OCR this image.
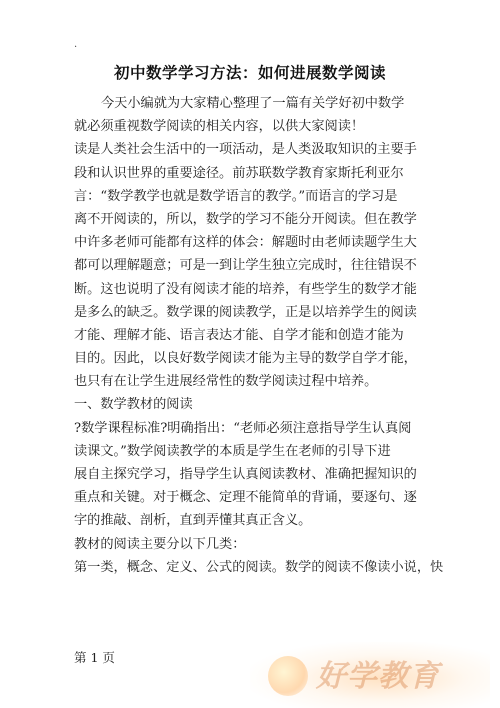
.
初中数学学习方法：如何进展数学阅读
今天小编就为大家精心整理了一篇有关学好初中数学
就必须重视数学阅读的相关内容，以供大家阅读！
读是人类社会生活中的一项活动，是人类汲取知识的主要手
段和认识世界的重要途径。前苏联数学教育家斯托利亚尔
言：“数学教学也就是数学语言的教学。”而语言的学习是
离不开阅读的，所以，数学的学习不能分开阅读。但在教学
中许多老师可能都有这样的体会：解题时由老师读题学生大
都可以理解题意；可是一到让学生独立完成时，往往错误不
断。这也说明了没有阅读才能的培养，有些学生的数学才能
是多么的缺乏。数学课的阅读教学，正是以培养学生的阅读
才能、理解才能、语言表达才能、自学才能和创造才能为
目的。因此，以良好数学阅读才能为主导的数学自学才能，
也只有在让学生进展经常性的数学阅读过程中培养。
一、数学教材的阅读
?数学课程标准?明确指出：“老师必须注意指导学生认真阅
读课文。”数学阅读教学的本质是学生在老师的引导下进
展自主探究学习，指导学生认真阅读教材、准确把握知识的
重点和关键。对于概念、定理不能简单的背诵，要逐句、逐
字的推敲、剖析，直到弄懂其真正含义。
教材的阅读主要分以下几类：
第一类，概念、定义、公式的阅读。数学的阅读不像读小说，快
第 1 页
好学教育
